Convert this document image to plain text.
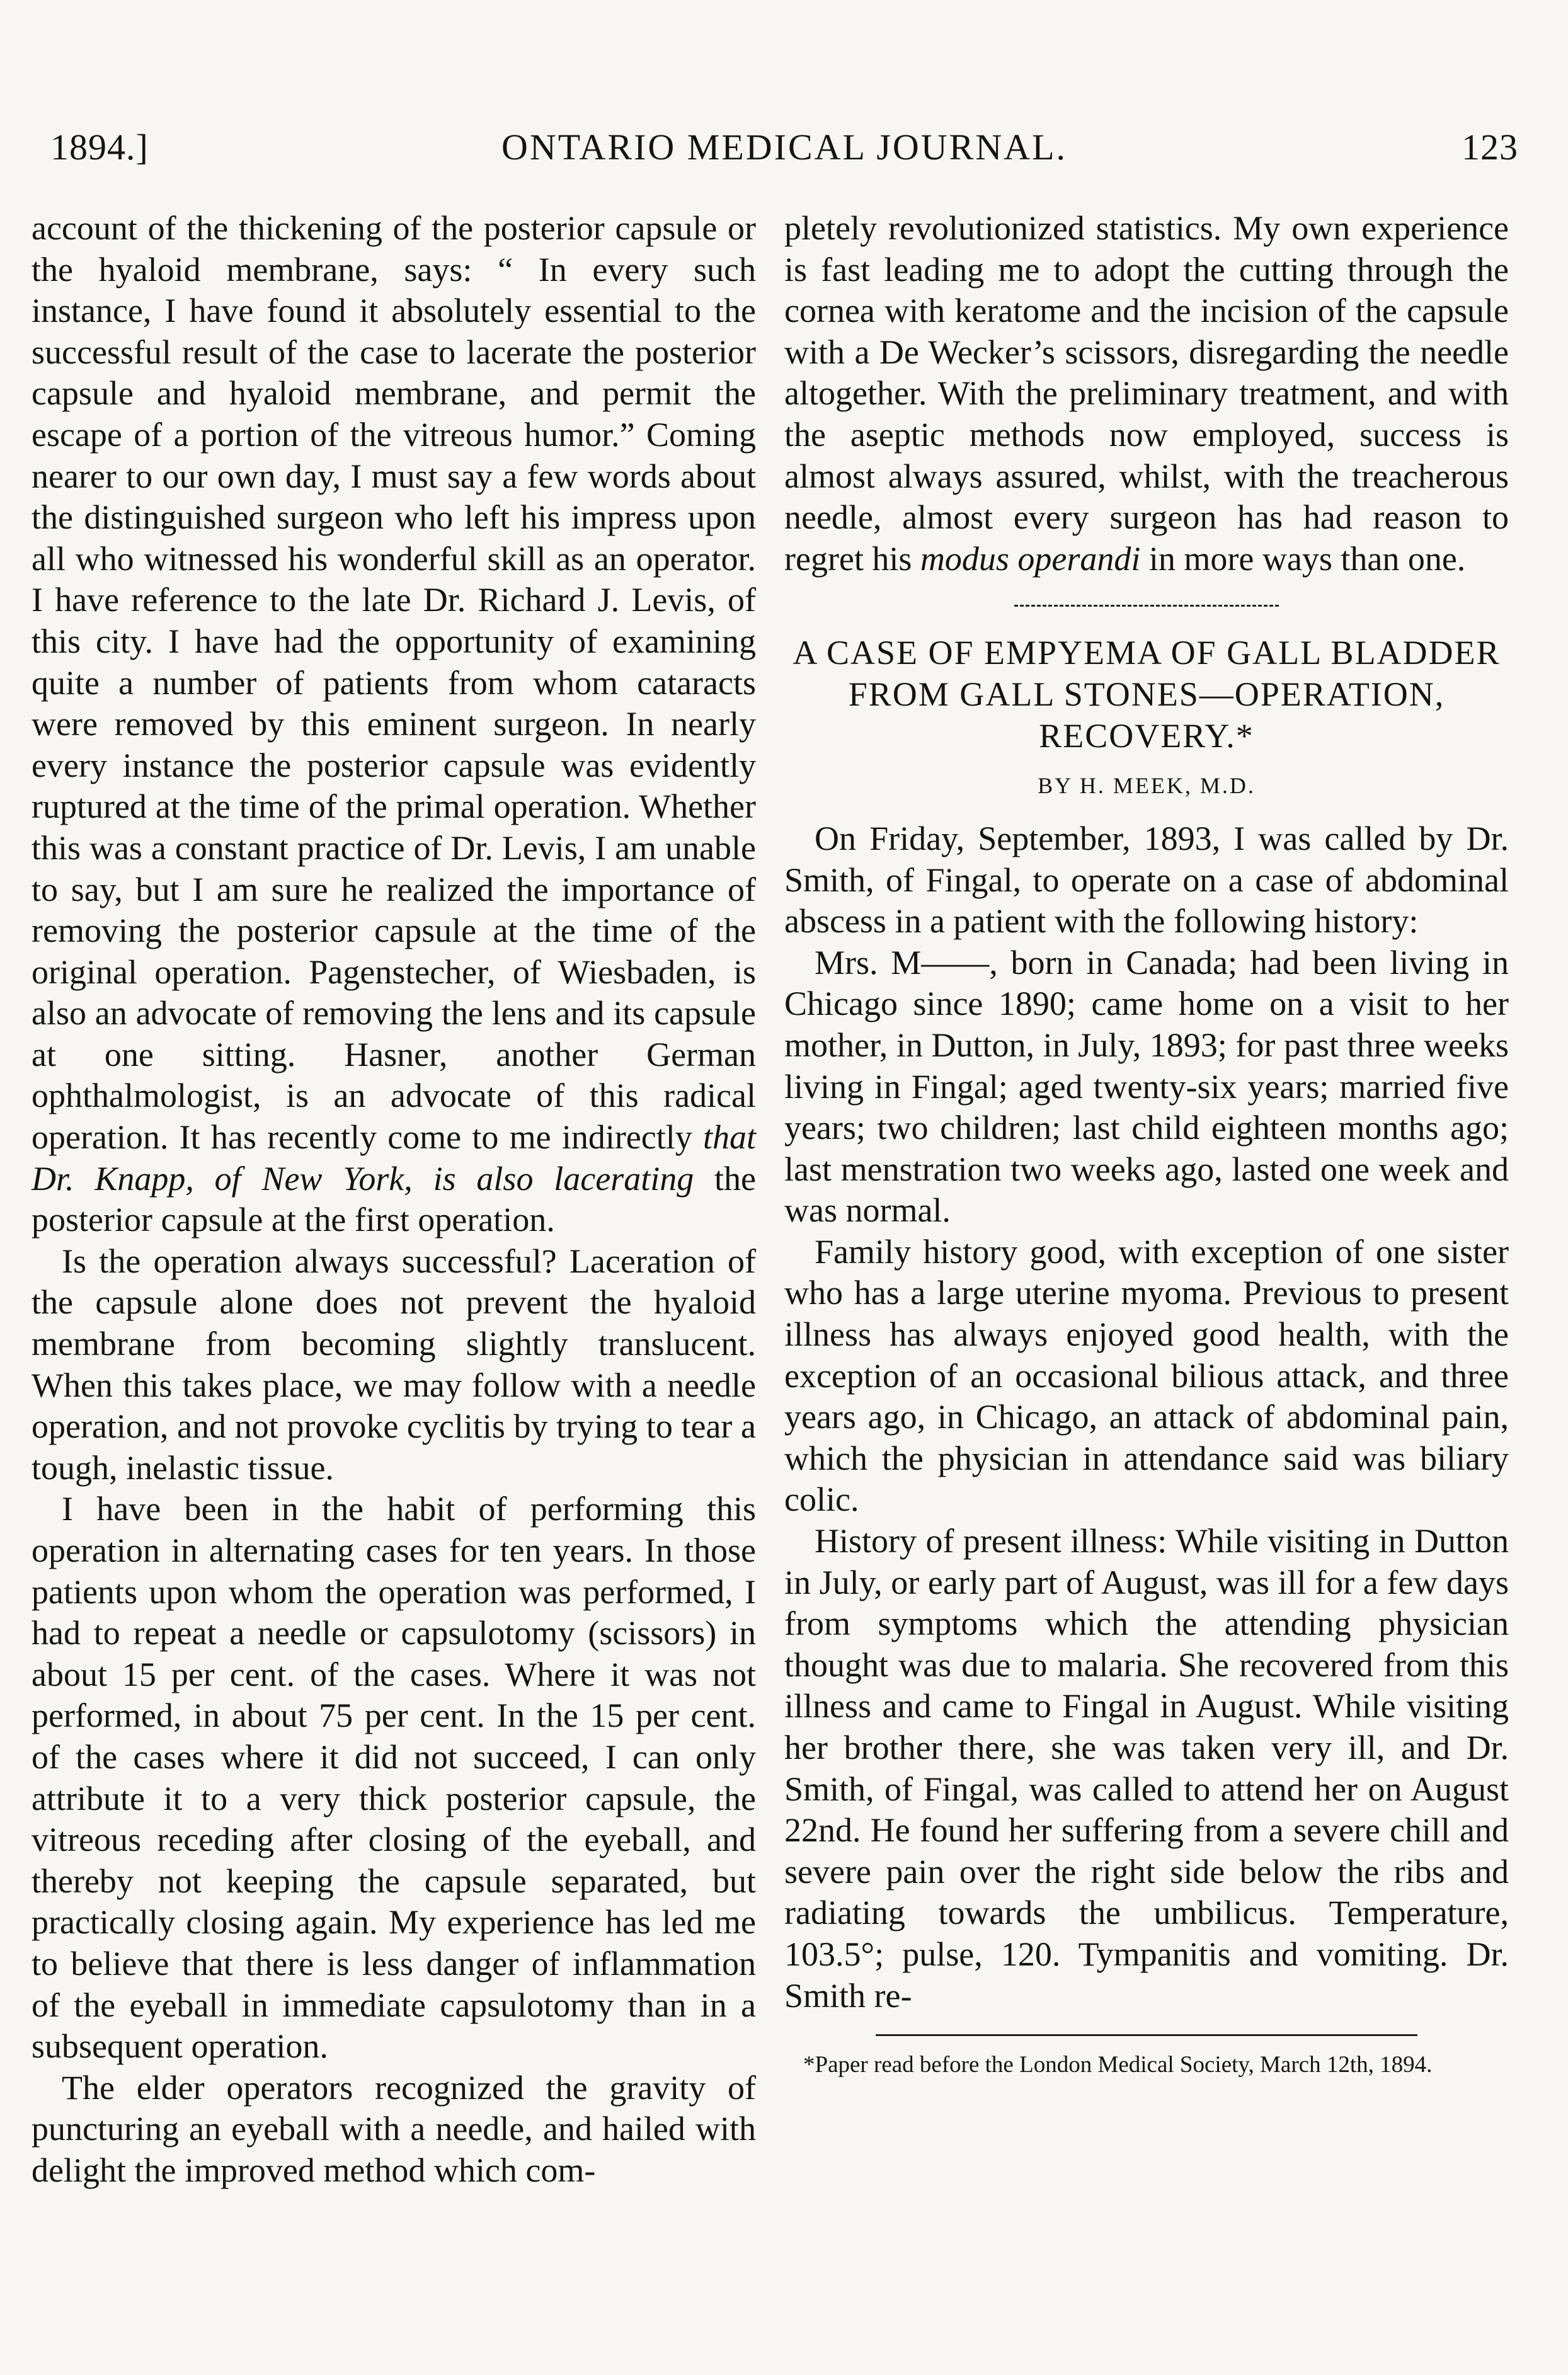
1894.]	ONTARIO MEDICAL JOURNAL.	123

account of the thickening of the posterior capsule or the hyaloid membrane, says: “ In every such instance, I have found it absolutely essential to the successful result of the case to lacerate the posterior capsule and hyaloid membrane, and permit the escape of a portion of the vitreous humor.” Coming nearer to our own day, I must say a few words about the distinguished surgeon who left his impress upon all who witnessed his wonderful skill as an operator. I have reference to the late Dr. Richard J. Levis, of this city. I have had the opportunity of examining quite a number of patients from whom cataracts were removed by this eminent surgeon. In nearly every instance the posterior capsule was evidently ruptured at the time of the primal operation. Whether this was a constant practice of Dr. Levis, I am unable to say, but I am sure he realized the importance of removing the posterior capsule at the time of the original operation. Pagenstecher, of Wiesbaden, is also an advocate of removing the lens and its capsule at one sitting. Hasner, another German ophthalmologist, is an advocate of this radical operation. It has recently come to me indirectly that Dr. Knapp, of New York, is also lacerating the posterior capsule at the first operation.

Is the operation always successful? Laceration of the capsule alone does not prevent the hyaloid membrane from becoming slightly translucent. When this takes place, we may follow with a needle operation, and not provoke cyclitis by trying to tear a tough, inelastic tissue.

I have been in the habit of performing this operation in alternating cases for ten years. In those patients upon whom the operation was performed, I had to repeat a needle or capsulotomy (scissors) in about 15 per cent. of the cases. Where it was not performed, in about 75 per cent. In the 15 per cent. of the cases where it did not succeed, I can only attribute it to a very thick posterior capsule, the vitreous receding after closing of the eyeball, and thereby not keeping the capsule separated, but practically closing again. My experience has led me to believe that there is less danger of inflammation of the eyeball in immediate capsulotomy than in a subsequent operation.

The elder operators recognized the gravity of puncturing an eyeball with a needle, and hailed with delight the improved method which com-

pletely revolutionized statistics. My own experience is fast leading me to adopt the cutting through the cornea with keratome and the incision of the capsule with a De Wecker’s scissors, disregarding the needle altogether. With the preliminary treatment, and with the aseptic methods now employed, success is almost always assured, whilst, with the treacherous needle, almost every surgeon has had reason to regret his modus operandi in more ways than one.

A CASE OF EMPYEMA OF GALL BLADDER FROM GALL STONES—OPERATION, RECOVERY.*
BY H. MEEK, M.D.

On Friday, September, 1893, I was called by Dr. Smith, of Fingal, to operate on a case of abdominal abscess in a patient with the following history:

Mrs. M——, born in Canada; had been living in Chicago since 1890; came home on a visit to her mother, in Dutton, in July, 1893; for past three weeks living in Fingal; aged twenty-six years; married five years; two children; last child eighteen months ago; last menstration two weeks ago, lasted one week and was normal.

Family history good, with exception of one sister who has a large uterine myoma. Previous to present illness has always enjoyed good health, with the exception of an occasional bilious attack, and three years ago, in Chicago, an attack of abdominal pain, which the physician in attendance said was biliary colic.

History of present illness: While visiting in Dutton in July, or early part of August, was ill for a few days from symptoms which the attending physician thought was due to malaria. She recovered from this illness and came to Fingal in August. While visiting her brother there, she was taken very ill, and Dr. Smith, of Fingal, was called to attend her on August 22nd. He found her suffering from a severe chill and severe pain over the right side below the ribs and radiating towards the umbilicus. Temperature, 103.5°; pulse, 120. Tympanitis and vomiting. Dr. Smith re-

*Paper read before the London Medical Society, March 12th, 1894.
